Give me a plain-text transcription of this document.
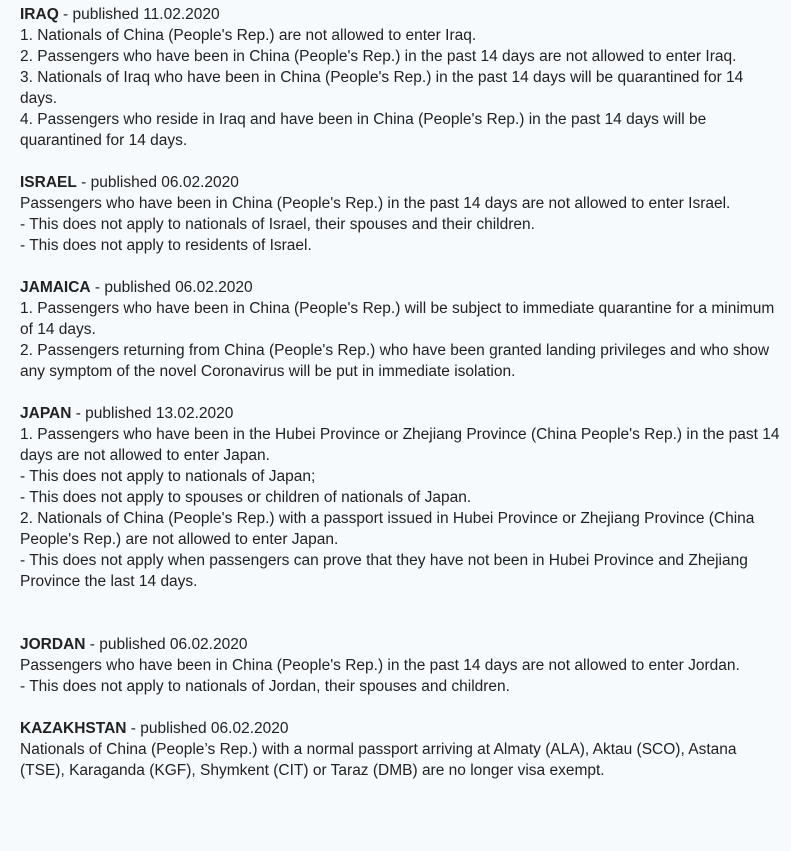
IRAQ - published 11.02.2020
1. Nationals of China (People's Rep.) are not allowed to enter Iraq.
2. Passengers who have been in China (People's Rep.) in the past 14 days are not allowed to enter Iraq.
3. Nationals of Iraq who have been in China (People's Rep.) in the past 14 days will be quarantined for 14 days.
4. Passengers who reside in Iraq and have been in China (People's Rep.) in the past 14 days will be quarantined for 14 days.
ISRAEL - published 06.02.2020
Passengers who have been in China (People's Rep.) in the past 14 days are not allowed to enter Israel.
- This does not apply to nationals of Israel, their spouses and their children.
- This does not apply to residents of Israel.
JAMAICA - published 06.02.2020
1. Passengers who have been in China (People's Rep.) will be subject to immediate quarantine for a minimum of 14 days.
2. Passengers returning from China (People's Rep.) who have been granted landing privileges and who show any symptom of the novel Coronavirus will be put in immediate isolation.
JAPAN - published 13.02.2020
1. Passengers who have been in the Hubei Province or Zhejiang Province (China People's Rep.) in the past 14 days are not allowed to enter Japan.
- This does not apply to nationals of Japan;
- This does not apply to spouses or children of nationals of Japan.
2. Nationals of China (People's Rep.) with a passport issued in Hubei Province or Zhejiang Province (China People's Rep.) are not allowed to enter Japan.
- This does not apply when passengers can prove that they have not been in Hubei Province and Zhejiang Province the last 14 days.
JORDAN - published 06.02.2020
Passengers who have been in China (People's Rep.) in the past 14 days are not allowed to enter Jordan.
- This does not apply to nationals of Jordan, their spouses and children.
KAZAKHSTAN - published 06.02.2020
Nationals of China (People’s Rep.) with a normal passport arriving at Almaty (ALA), Aktau (SCO), Astana (TSE), Karaganda (KGF), Shymkent (CIT) or Taraz (DMB) are no longer visa exempt.
